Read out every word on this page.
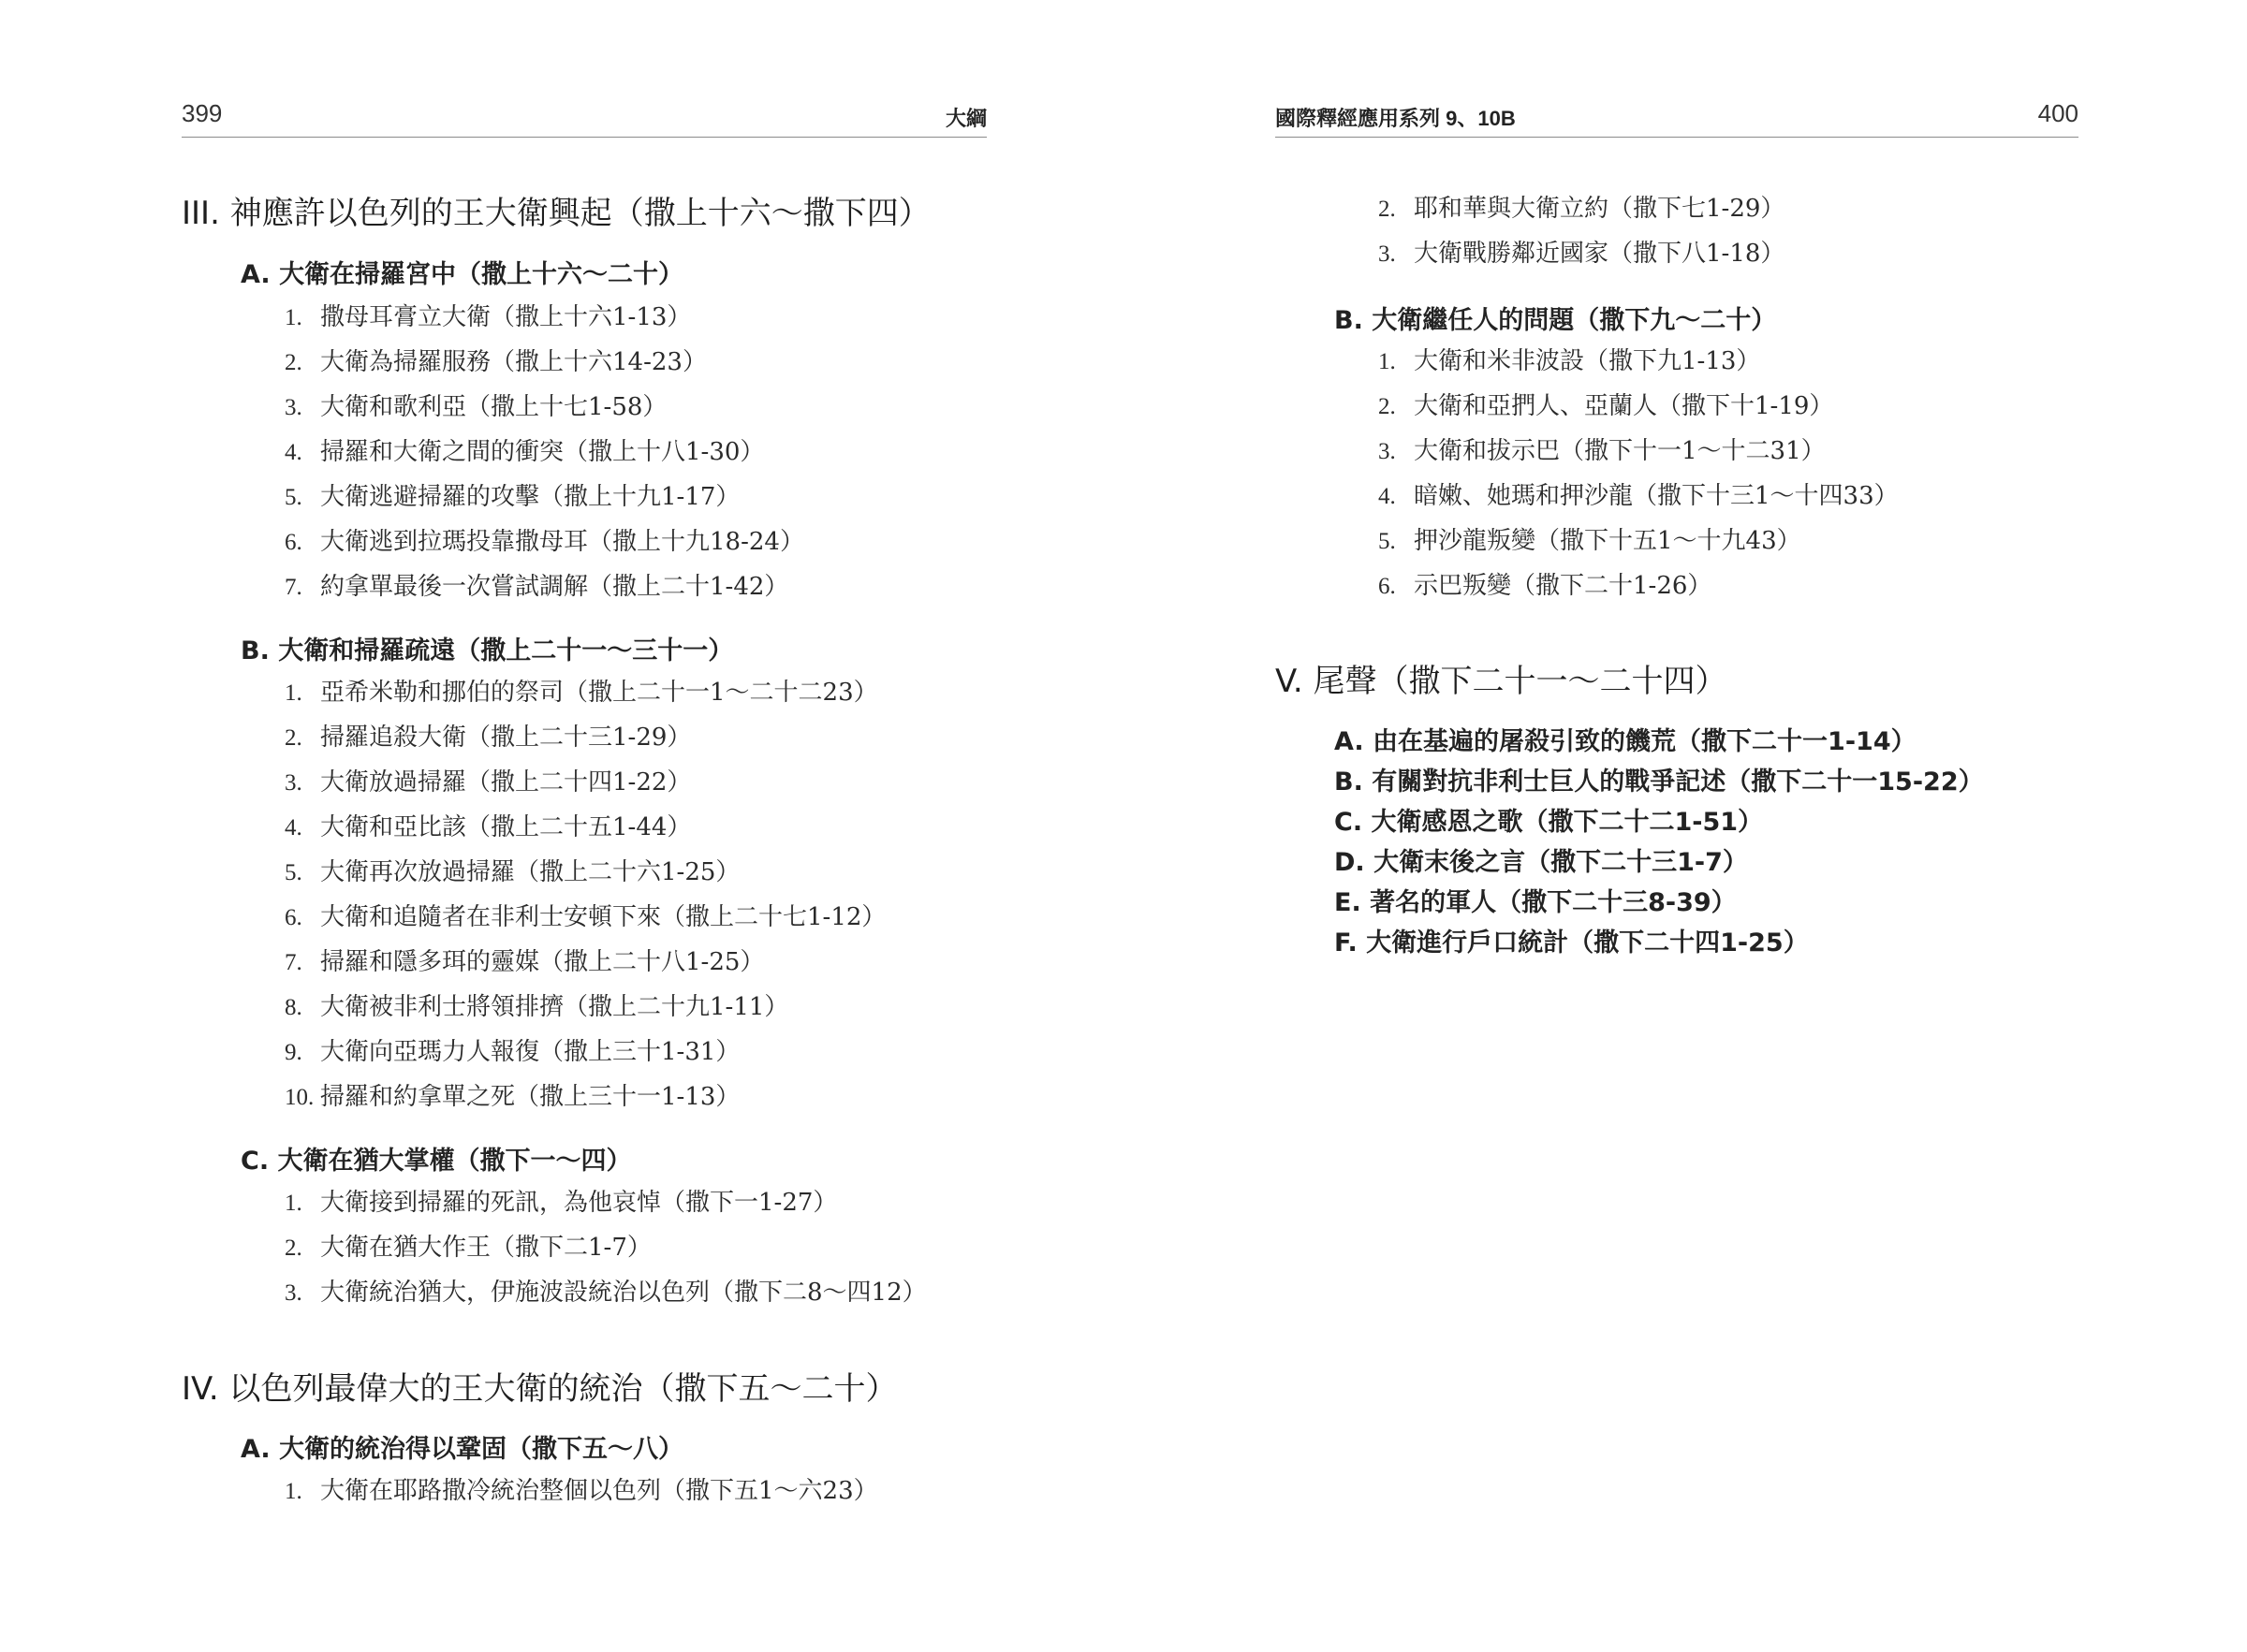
399	大綱
III. 神應許以色列的王大衛興起（撒上十六～撒下四）
A. 大衛在掃羅宮中（撒上十六～二十）
1. 撒母耳膏立大衛（撒上十六1-13）
2. 大衛為掃羅服務（撒上十六14-23）
3. 大衛和歌利亞（撒上十七1-58）
4. 掃羅和大衛之間的衝突（撒上十八1-30）
5. 大衛逃避掃羅的攻擊（撒上十九1-17）
6. 大衛逃到拉瑪投靠撒母耳（撒上十九18-24）
7. 約拿單最後一次嘗試調解（撒上二十1-42）
B. 大衛和掃羅疏遠（撒上二十一～三十一）
1. 亞希米勒和挪伯的祭司（撒上二十一1～二十二23）
2. 掃羅追殺大衛（撒上二十三1-29）
3. 大衛放過掃羅（撒上二十四1-22）
4. 大衛和亞比該（撒上二十五1-44）
5. 大衛再次放過掃羅（撒上二十六1-25）
6. 大衛和追隨者在非利士安頓下來（撒上二十七1-12）
7. 掃羅和隱多珥的靈媒（撒上二十八1-25）
8. 大衛被非利士將領排擠（撒上二十九1-11）
9. 大衛向亞瑪力人報復（撒上三十1-31）
10. 掃羅和約拿單之死（撒上三十一1-13）
C. 大衛在猶大掌權（撒下一～四）
1. 大衛接到掃羅的死訊，為他哀悼（撒下一1-27）
2. 大衛在猶大作王（撒下二1-7）
3. 大衛統治猶大，伊施波設統治以色列（撒下二8～四12）
IV. 以色列最偉大的王大衛的統治（撒下五～二十）
A. 大衛的統治得以鞏固（撒下五～八）
1. 大衛在耶路撒冷統治整個以色列（撒下五1～六23）
國際釋經應用系列 9、10B	400
2. 耶和華與大衛立約（撒下七1-29）
3. 大衛戰勝鄰近國家（撒下八1-18）
B. 大衛繼任人的問題（撒下九～二十）
1. 大衛和米非波設（撒下九1-13）
2. 大衛和亞捫人、亞蘭人（撒下十1-19）
3. 大衛和拔示巴（撒下十一1～十二31）
4. 暗嫩、她瑪和押沙龍（撒下十三1～十四33）
5. 押沙龍叛變（撒下十五1～十九43）
6. 示巴叛變（撒下二十1-26）
V. 尾聲（撒下二十一～二十四）
A. 由在基遍的屠殺引致的饑荒（撒下二十一1-14）
B. 有關對抗非利士巨人的戰爭記述（撒下二十一15-22）
C. 大衛感恩之歌（撒下二十二1-51）
D. 大衛末後之言（撒下二十三1-7）
E. 著名的軍人（撒下二十三8-39）
F. 大衛進行戶口統計（撒下二十四1-25）
